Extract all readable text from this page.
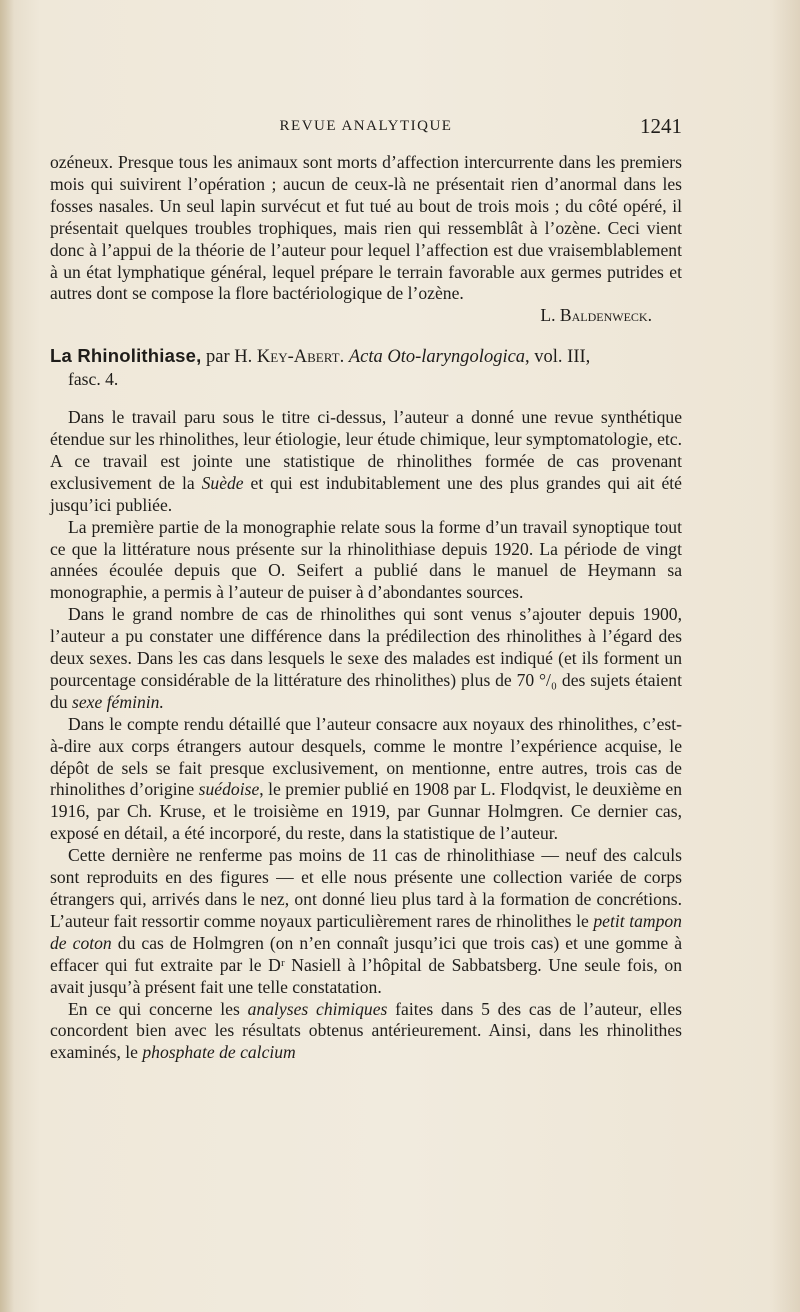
REVUE ANALYTIQUE	1241

ozéneux. Presque tous les animaux sont morts d’affection intercurrente dans les premiers mois qui suivirent l’opération ; aucun de ceux-là ne présentait rien d’anormal dans les fosses nasales. Un seul lapin survécut et fut tué au bout de trois mois ; du côté opéré, il présentait quelques troubles trophiques, mais rien qui ressemblât à l’ozène. Ceci vient donc à l’appui de la théorie de l’auteur pour lequel l’affection est due vraisemblablement à un état lymphatique général, lequel prépare le terrain favorable aux germes putrides et autres dont se compose la flore bactériologique de l’ozène.

L. Baldenweck.

La Rhinolithiase, par H. Key-Abert. Acta Oto-laryngologica, vol. III,

fasc. 4.

Dans le travail paru sous le titre ci-dessus, l’auteur a donné une revue synthétique étendue sur les rhinolithes, leur étiologie, leur étude chimique, leur symptomatologie, etc. A ce travail est jointe une statistique de rhinolithes formée de cas provenant exclusivement de la Suède et qui est indubitablement une des plus grandes qui ait été jusqu’ici publiée.

La première partie de la monographie relate sous la forme d’un travail synoptique tout ce que la littérature nous présente sur la rhinolithiase depuis 1920. La période de vingt années écoulée depuis que O. Seifert a publié dans le manuel de Heymann sa monographie, a permis à l’auteur de puiser à d’abondantes sources.

Dans le grand nombre de cas de rhinolithes qui sont venus s’ajouter depuis 1900, l’auteur a pu constater une différence dans la prédilection des rhinolithes à l’égard des deux sexes. Dans les cas dans lesquels le sexe des malades est indiqué (et ils forment un pourcentage considérable de la littérature des rhinolithes) plus de 70 °/₀ des sujets étaient du sexe féminin.

Dans le compte rendu détaillé que l’auteur consacre aux noyaux des rhinolithes, c’est-à-dire aux corps étrangers autour desquels, comme le montre l’expérience acquise, le dépôt de sels se fait presque exclusivement, on mentionne, entre autres, trois cas de rhinolithes d’origine suédoise, le premier publié en 1908 par L. Flodqvist, le deuxième en 1916, par Ch. Kruse, et le troisième en 1919, par Gunnar Holmgren. Ce dernier cas, exposé en détail, a été incorporé, du reste, dans la statistique de l’auteur.

Cette dernière ne renferme pas moins de 11 cas de rhinolithiase — neuf des calculs sont reproduits en des figures — et elle nous présente une collection variée de corps étrangers qui, arrivés dans le nez, ont donné lieu plus tard à la formation de concrétions. L’auteur fait ressortir comme noyaux particulièrement rares de rhinolithes le petit tampon de coton du cas de Holmgren (on n’en connaît jusqu’ici que trois cas) et une gomme à effacer qui fut extraite par le Dʳ Nasiell à l’hôpital de Sabbatsberg. Une seule fois, on avait jusqu’à présent fait une telle constatation.

En ce qui concerne les analyses chimiques faites dans 5 des cas de l’auteur, elles concordent bien avec les résultats obtenus antérieurement. Ainsi, dans les rhinolithes examinés, le phosphate de calcium
